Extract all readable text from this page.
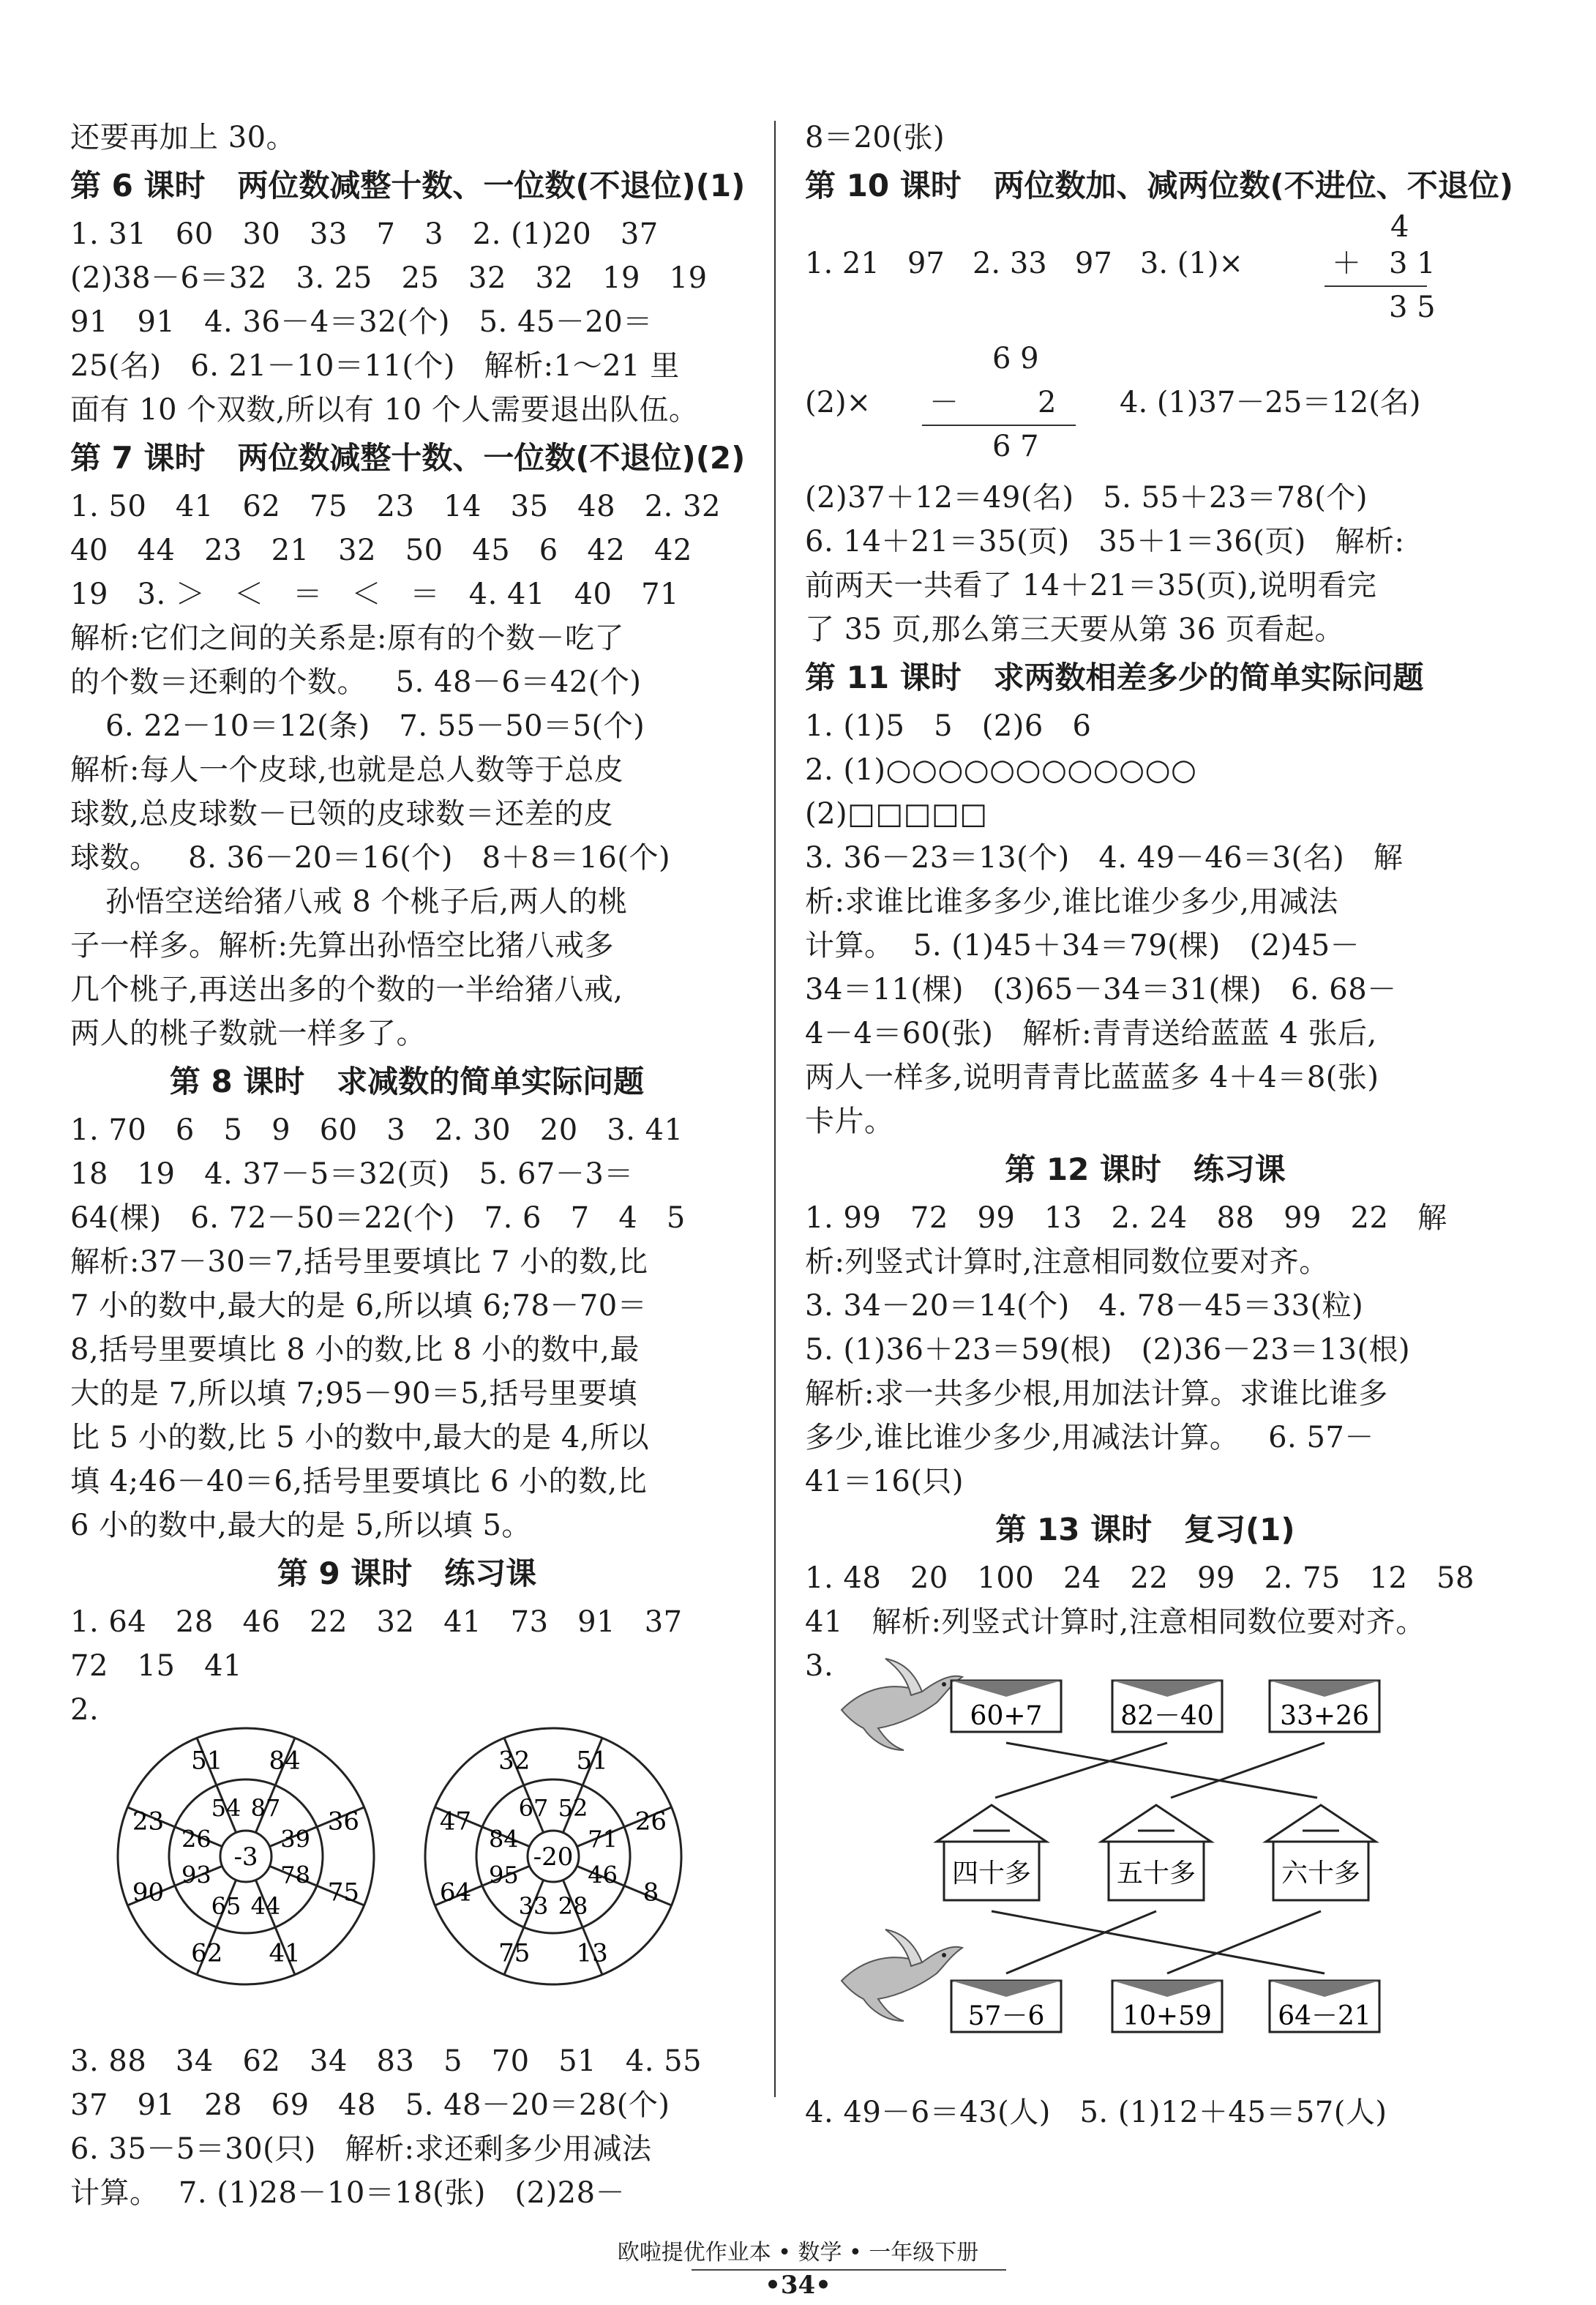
还要再加上 30。
第 6 课时   两位数减整十数、一位数(不退位)(1)
1. 31   60   30   33   7   3   2. (1)20   37
(2)38－6＝32   3. 25   25   32   32   19   19
91   91   4. 36－4＝32(个)   5. 45－20＝
25(名)   6. 21－10＝11(个)   解析:1～21 里
面有 10 个双数,所以有 10 个人需要退出队伍。
第 7 课时   两位数减整十数、一位数(不退位)(2)
1. 50   41   62   75   23   14   35   48   2. 32
40   44   23   21   32   50   45   6   42   42
19   3. ＞   ＜   ＝   ＜   ＝   4. 41   40   71
解析:它们之间的关系是:原有的个数－吃了
的个数＝还剩的个数。   5. 48－6＝42(个)
6. 22－10＝12(条)   7. 55－50＝5(个)
解析:每人一个皮球,也就是总人数等于总皮
球数,总皮球数－已领的皮球数＝还差的皮
球数。   8. 36－20＝16(个)   8＋8＝16(个)
孙悟空送给猪八戒 8 个桃子后,两人的桃
子一样多。解析:先算出孙悟空比猪八戒多
几个桃子,再送出多的个数的一半给猪八戒,
两人的桃子数就一样多了。
第 8 课时   求减数的简单实际问题
1. 70   6   5   9   60   3   2. 30   20   3. 41
18   19   4. 37－5＝32(页)   5. 67－3＝
64(棵)   6. 72－50＝22(个)   7. 6   7   4   5
解析:37－30＝7,括号里要填比 7 小的数,比
7 小的数中,最大的是 6,所以填 6;78－70＝
8,括号里要填比 8 小的数,比 8 小的数中,最
大的是 7,所以填 7;95－90＝5,括号里要填
比 5 小的数,比 5 小的数中,最大的是 4,所以
填 4;46－40＝6,括号里要填比 6 小的数,比
6 小的数中,最大的是 5,所以填 5。
第 9 课时   练习课
1. 64   28   46   22   32   41   73   91   37
72   15   41
2.
-3
51 84
36
75
41
62
90
23	87
39
78
44
65
93
26
54
-20
32 51
26
8
13
75
64
47	52
71
46
28
33
95
84
67
3. 88   34   62   34   83   5   70   51   4. 55
37   91   28   69   48   5. 48－20＝28(个)
6. 35－5＝30(只)   解析:求还剩多少用减法
计算。  7. (1)28－10＝18(张)   (2)28－
8＝20(张)
第 10 课时   两位数加、减两位数(不进位、不退位)
1. 21   97   2. 33   97   3. (1)×
4
＋ 3 1
3 5
(2)×
6 9
－	2
6 7
4. (1)37－25＝12(名)
(2)37＋12＝49(名)   5. 55＋23＝78(个)
6. 14＋21＝35(页)   35＋1＝36(页)   解析:
前两天一共看了 14＋21＝35(页),说明看完
了 35 页,那么第三天要从第 36 页看起。
第 11 课时   求两数相差多少的简单实际问题
1. (1)5   5   (2)6   6
2. (1)○○○○○○○○○○○○
(2)□□□□□
3. 36－23＝13(个)   4. 49－46＝3(名)   解
析:求谁比谁多多少,谁比谁少多少,用减法
计算。  5. (1)45＋34＝79(棵)   (2)45－
34＝11(棵)   (3)65－34＝31(棵)   6. 68－
4－4＝60(张)   解析:青青送给蓝蓝 4 张后,
两人一样多,说明青青比蓝蓝多 4＋4＝8(张)
卡片。
第 12 课时   练习课
1. 99   72   99   13   2. 24   88   99   22   解
析:列竖式计算时,注意相同数位要对齐。
3. 34－20＝14(个)   4. 78－45＝33(粒)
5. (1)36＋23＝59(根)   (2)36－23＝13(根)
解析:求一共多少根,用加法计算。求谁比谁多
多少,谁比谁少多少,用减法计算。   6. 57－
41＝16(只)
第 13 课时   复习(1)
1. 48   20   100   24   22   99   2. 75   12   58
41   解析:列竖式计算时,注意相同数位要对齐。
3.
60+7	82－40	33+26
四十多	五十多	六十多
57－6	10+59	64－21
4. 49－6＝43(人)   5. (1)12＋45＝57(人)
欧啦提优作业本 • 数学 • 一年级下册
•34•
